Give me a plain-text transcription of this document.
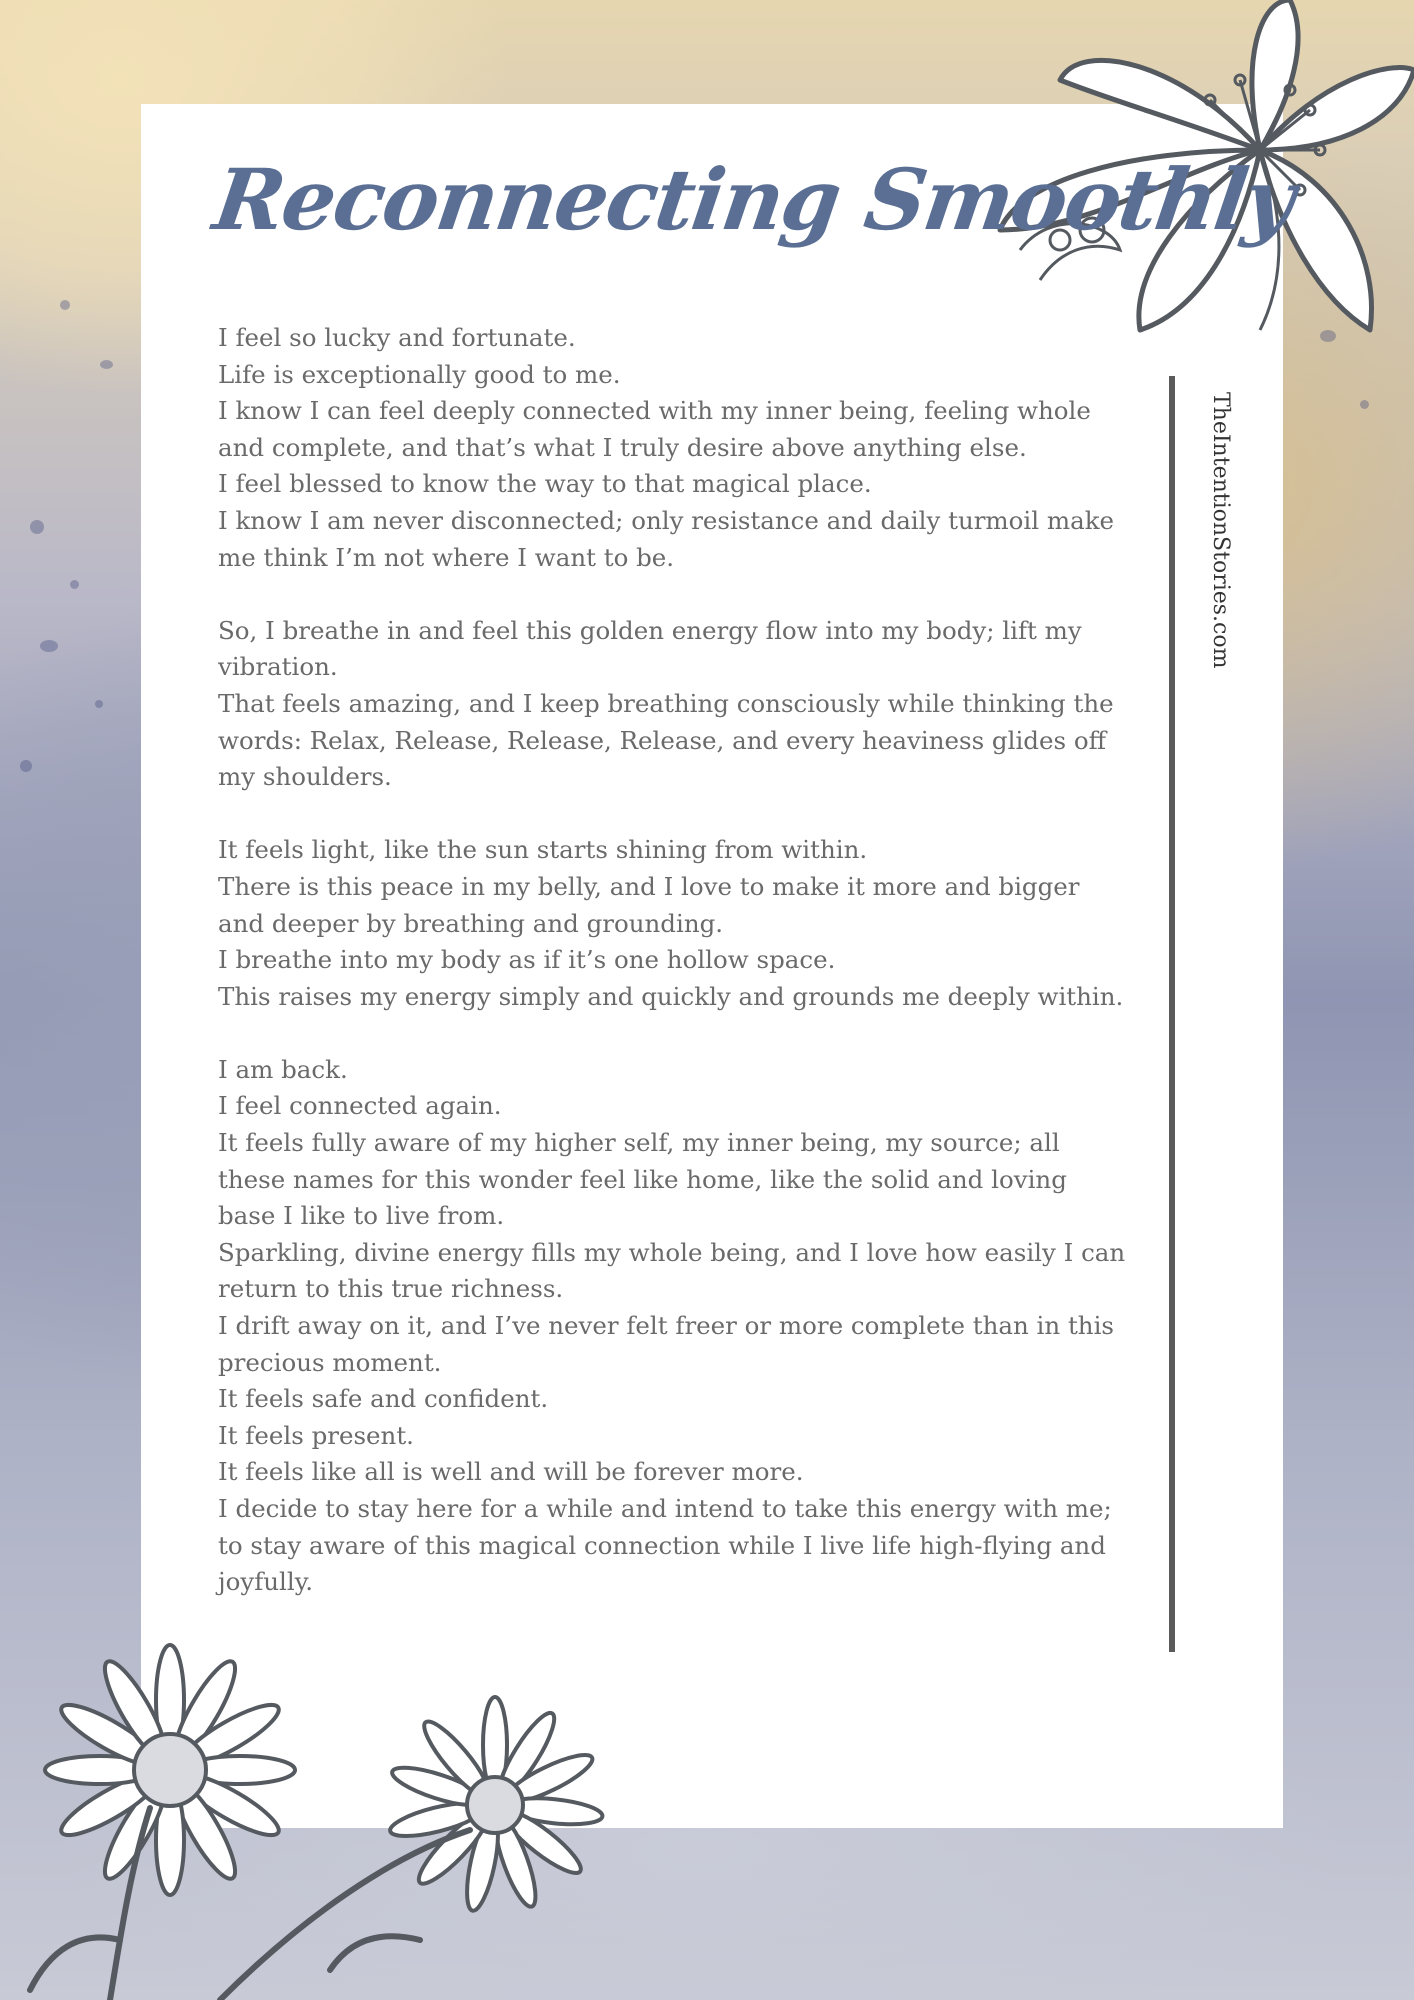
Reconnecting Smoothly

I feel so lucky and fortunate.

Life is exceptionally good to me.

I know I can feel deeply connected with my inner being, feeling whole and complete, and that’s what I truly desire above anything else.

I feel blessed to know the way to that magical place.

I know I am never disconnected; only resistance and daily turmoil make me think I’m not where I want to be.

So, I breathe in and feel this golden energy flow into my body; lift my vibration.

That feels amazing, and I keep breathing consciously while thinking the words: Relax, Release, Release, Release, and every heaviness glides off my shoulders.

It feels light, like the sun starts shining from within.

There is this peace in my belly, and I love to make it more and bigger and deeper by breathing and grounding.

I breathe into my body as if it’s one hollow space.

This raises my energy simply and quickly and grounds me deeply within.

I am back.

I feel connected again.

It feels fully aware of my higher self, my inner being, my source; all these names for this wonder feel like home, like the solid and loving base I like to live from.

Sparkling, divine energy fills my whole being, and I love how easily I can return to this true richness.

I drift away on it, and I’ve never felt freer or more complete than in this precious moment.

It feels safe and confident.

It feels present.

It feels like all is well and will be forever more.

I decide to stay here for a while and intend to take this energy with me; to stay aware of this magical connection while I live life high-flying and joyfully.

TheIntentionStories.com
